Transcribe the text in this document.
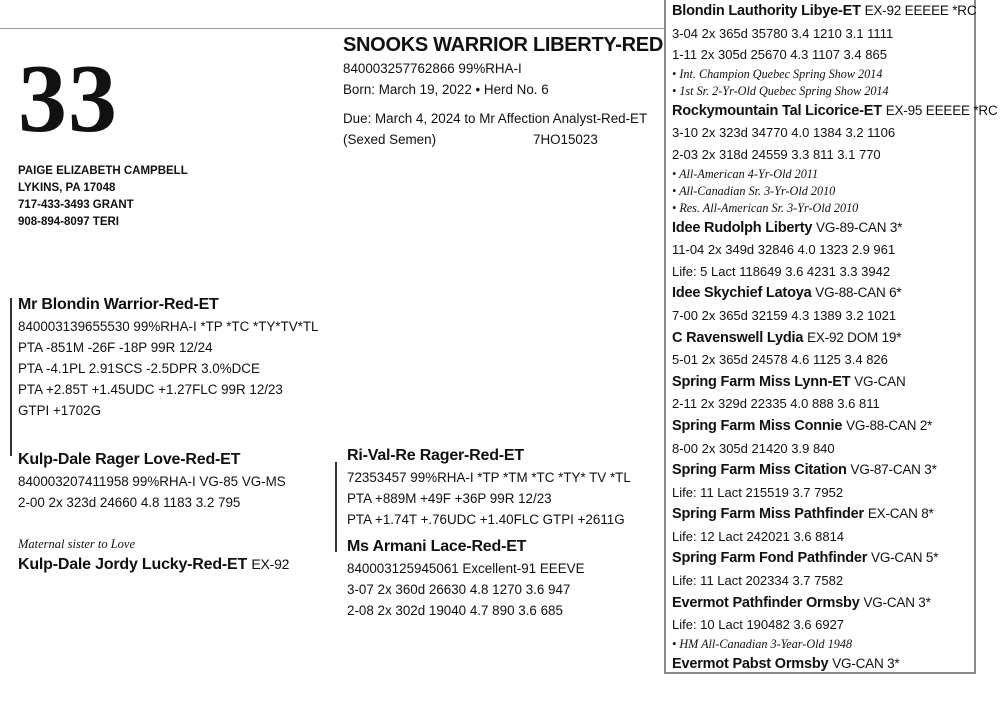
33
PAIGE ELIZABETH CAMPBELL
LYKINS, PA 17048
717-433-3493 GRANT
908-894-8097 TERI
SNOOKS WARRIOR LIBERTY-RED
840003257762866 99%RHA-I
Born: March 19, 2022 • Herd No. 6
Due: March 4, 2024 to Mr Affection Analyst-Red-ET
(Sexed Semen)	7HO15023
Mr Blondin Warrior-Red-ET
840003139655530 99%RHA-I *TP *TC *TY*TV*TL
PTA -851M -26F -18P 99R 12/24
PTA -4.1PL 2.91SCS -2.5DPR 3.0%DCE
PTA +2.85T +1.45UDC +1.27FLC 99R 12/23
GTPI +1702G
Kulp-Dale Rager Love-Red-ET
840003207411958 99%RHA-I VG-85 VG-MS
2-00 2x 323d 24660 4.8 1183 3.2 795
Maternal sister to Love
Kulp-Dale Jordy Lucky-Red-ET EX-92
Ri-Val-Re Rager-Red-ET
72353457 99%RHA-I *TP *TM *TC *TY* TV *TL
PTA +889M +49F +36P 99R 12/23
PTA +1.74T +.76UDC +1.40FLC GTPI +2611G
Ms Armani Lace-Red-ET
840003125945061 Excellent-91 EEEVE
3-07 2x 360d 26630 4.8 1270 3.6 947
2-08 2x 302d 19040 4.7 890 3.6 685
Blondin Lauthority Libye-ET EX-92 EEEEE *RC
3-04 2x 365d 35780 3.4 1210 3.1 1111
1-11 2x 305d 25670 4.3 1107 3.4 865
• Int. Champion Quebec Spring Show 2014
• 1st Sr. 2-Yr-Old Quebec Spring Show 2014
Rockymountain Tal Licorice-ET EX-95 EEEEE *RC
3-10 2x 323d 34770 4.0 1384 3.2 1106
2-03 2x 318d 24559 3.3 811 3.1 770
• All-American 4-Yr-Old 2011
• All-Canadian Sr. 3-Yr-Old 2010
• Res. All-American Sr. 3-Yr-Old 2010
Idee Rudolph Liberty VG-89-CAN 3*
11-04 2x 349d 32846 4.0 1323 2.9 961
Life: 5 Lact 118649 3.6 4231 3.3 3942
Idee Skychief Latoya VG-88-CAN 6*
7-00 2x 365d 32159 4.3 1389 3.2 1021
C Ravenswell Lydia EX-92 DOM 19*
5-01 2x 365d 24578 4.6 1125 3.4 826
Spring Farm Miss Lynn-ET VG-CAN
2-11 2x 329d 22335 4.0 888 3.6 811
Spring Farm Miss Connie VG-88-CAN 2*
8-00 2x 305d 21420 3.9 840
Spring Farm Miss Citation VG-87-CAN 3*
Life: 11 Lact 215519 3.7 7952
Spring Farm Miss Pathfinder EX-CAN 8*
Life: 12 Lact 242021 3.6 8814
Spring Farm Fond Pathfinder VG-CAN 5*
Life: 11 Lact 202334 3.7 7582
Evermot Pathfinder Ormsby VG-CAN 3*
Life: 10 Lact 190482 3.6 6927
• HM All-Canadian 3-Year-Old 1948
Evermot Pabst Ormsby VG-CAN 3*
